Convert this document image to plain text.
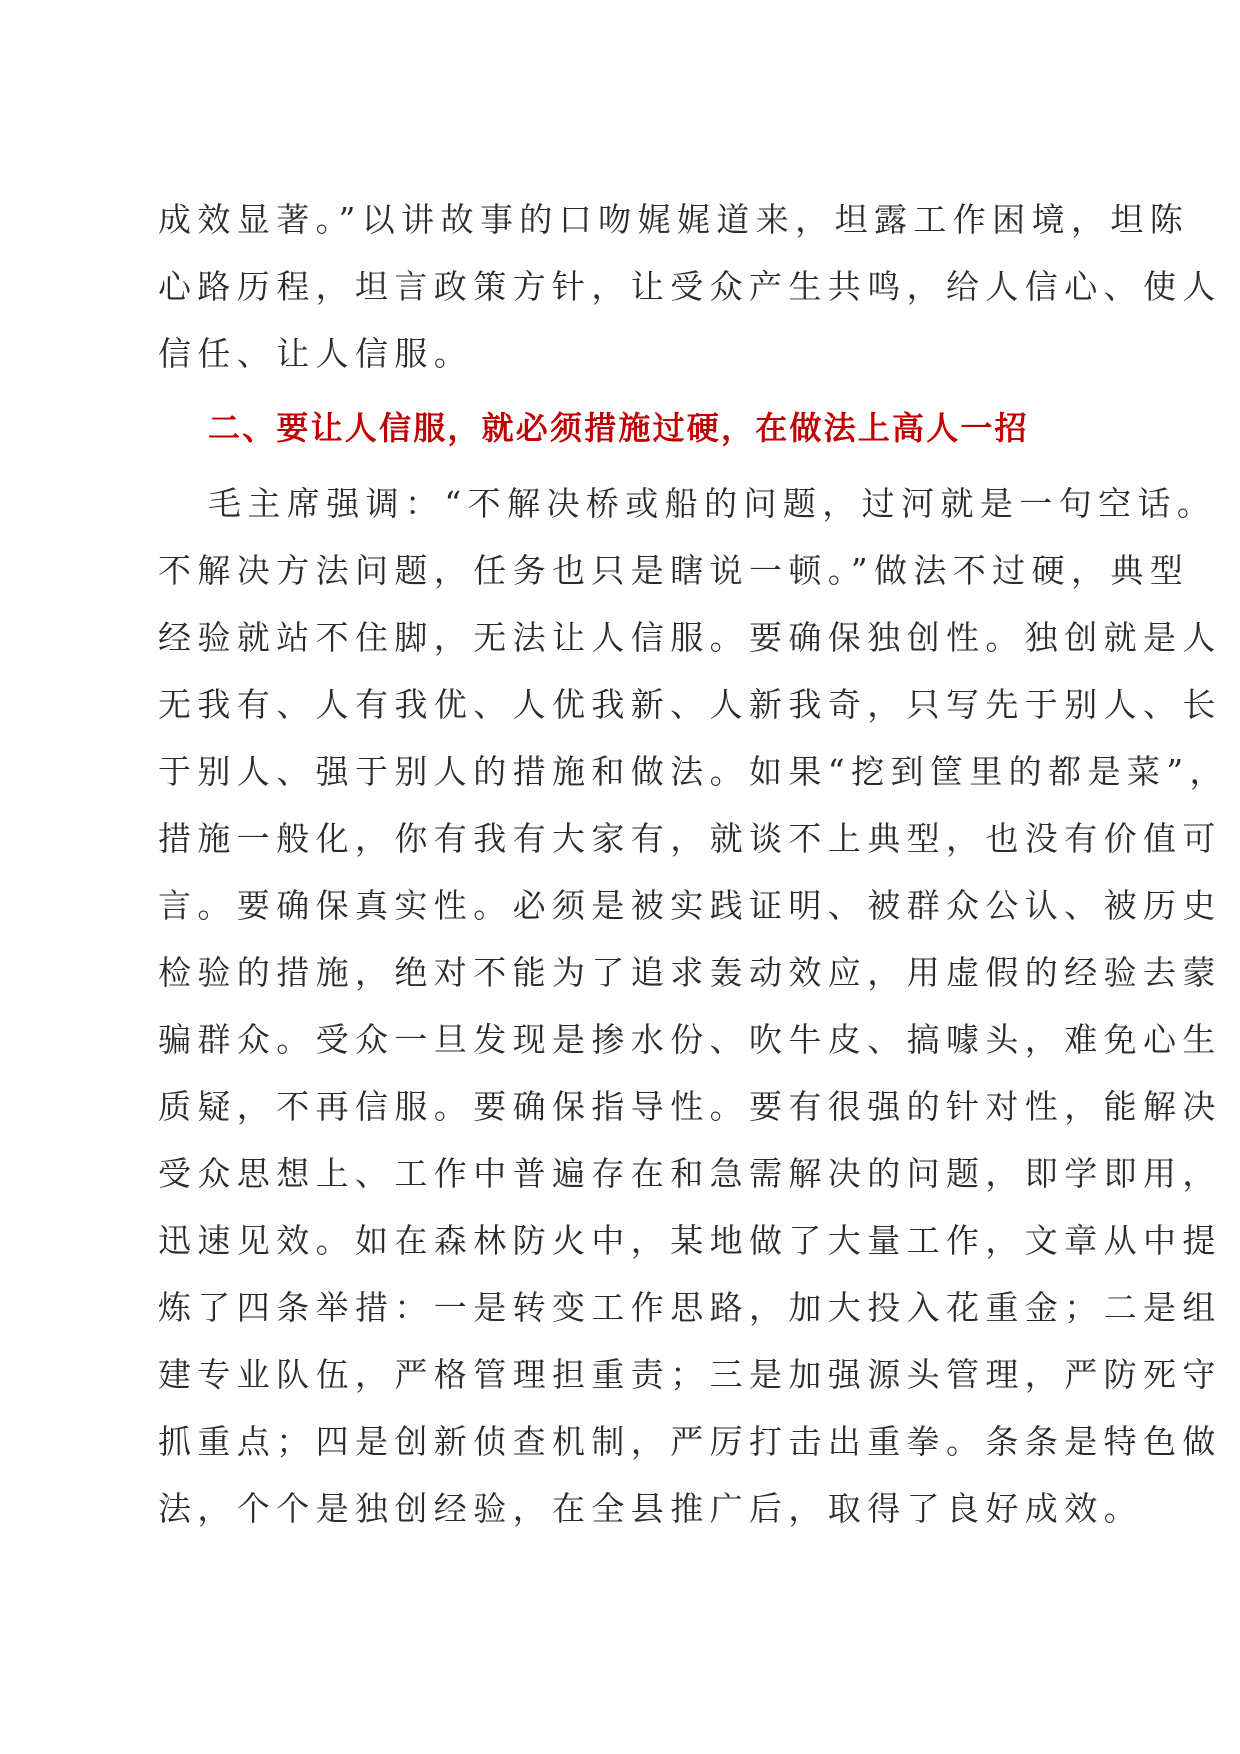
成效显著。”以讲故事的口吻娓娓道来，坦露工作困境，坦陈
心路历程，坦言政策方针，让受众产生共鸣，给人信心、使人
信任、让人信服。
二、要让人信服，就必须措施过硬，在做法上高人一招
毛主席强调：“不解决桥或船的问题，过河就是一句空话。
不解决方法问题，任务也只是瞎说一顿。”做法不过硬，典型
经验就站不住脚，无法让人信服。要确保独创性。独创就是人
无我有、人有我优、人优我新、人新我奇，只写先于别人、长
于别人、强于别人的措施和做法。如果“挖到筐里的都是菜”，
措施一般化，你有我有大家有，就谈不上典型，也没有价值可
言。要确保真实性。必须是被实践证明、被群众公认、被历史
检验的措施，绝对不能为了追求轰动效应，用虚假的经验去蒙
骗群众。受众一旦发现是掺水份、吹牛皮、搞噱头，难免心生
质疑，不再信服。要确保指导性。要有很强的针对性，能解决
受众思想上、工作中普遍存在和急需解决的问题，即学即用，
迅速见效。如在森林防火中，某地做了大量工作，文章从中提
炼了四条举措：一是转变工作思路，加大投入花重金；二是组
建专业队伍，严格管理担重责；三是加强源头管理，严防死守
抓重点；四是创新侦查机制，严厉打击出重拳。条条是特色做
法，个个是独创经验，在全县推广后，取得了良好成效。
